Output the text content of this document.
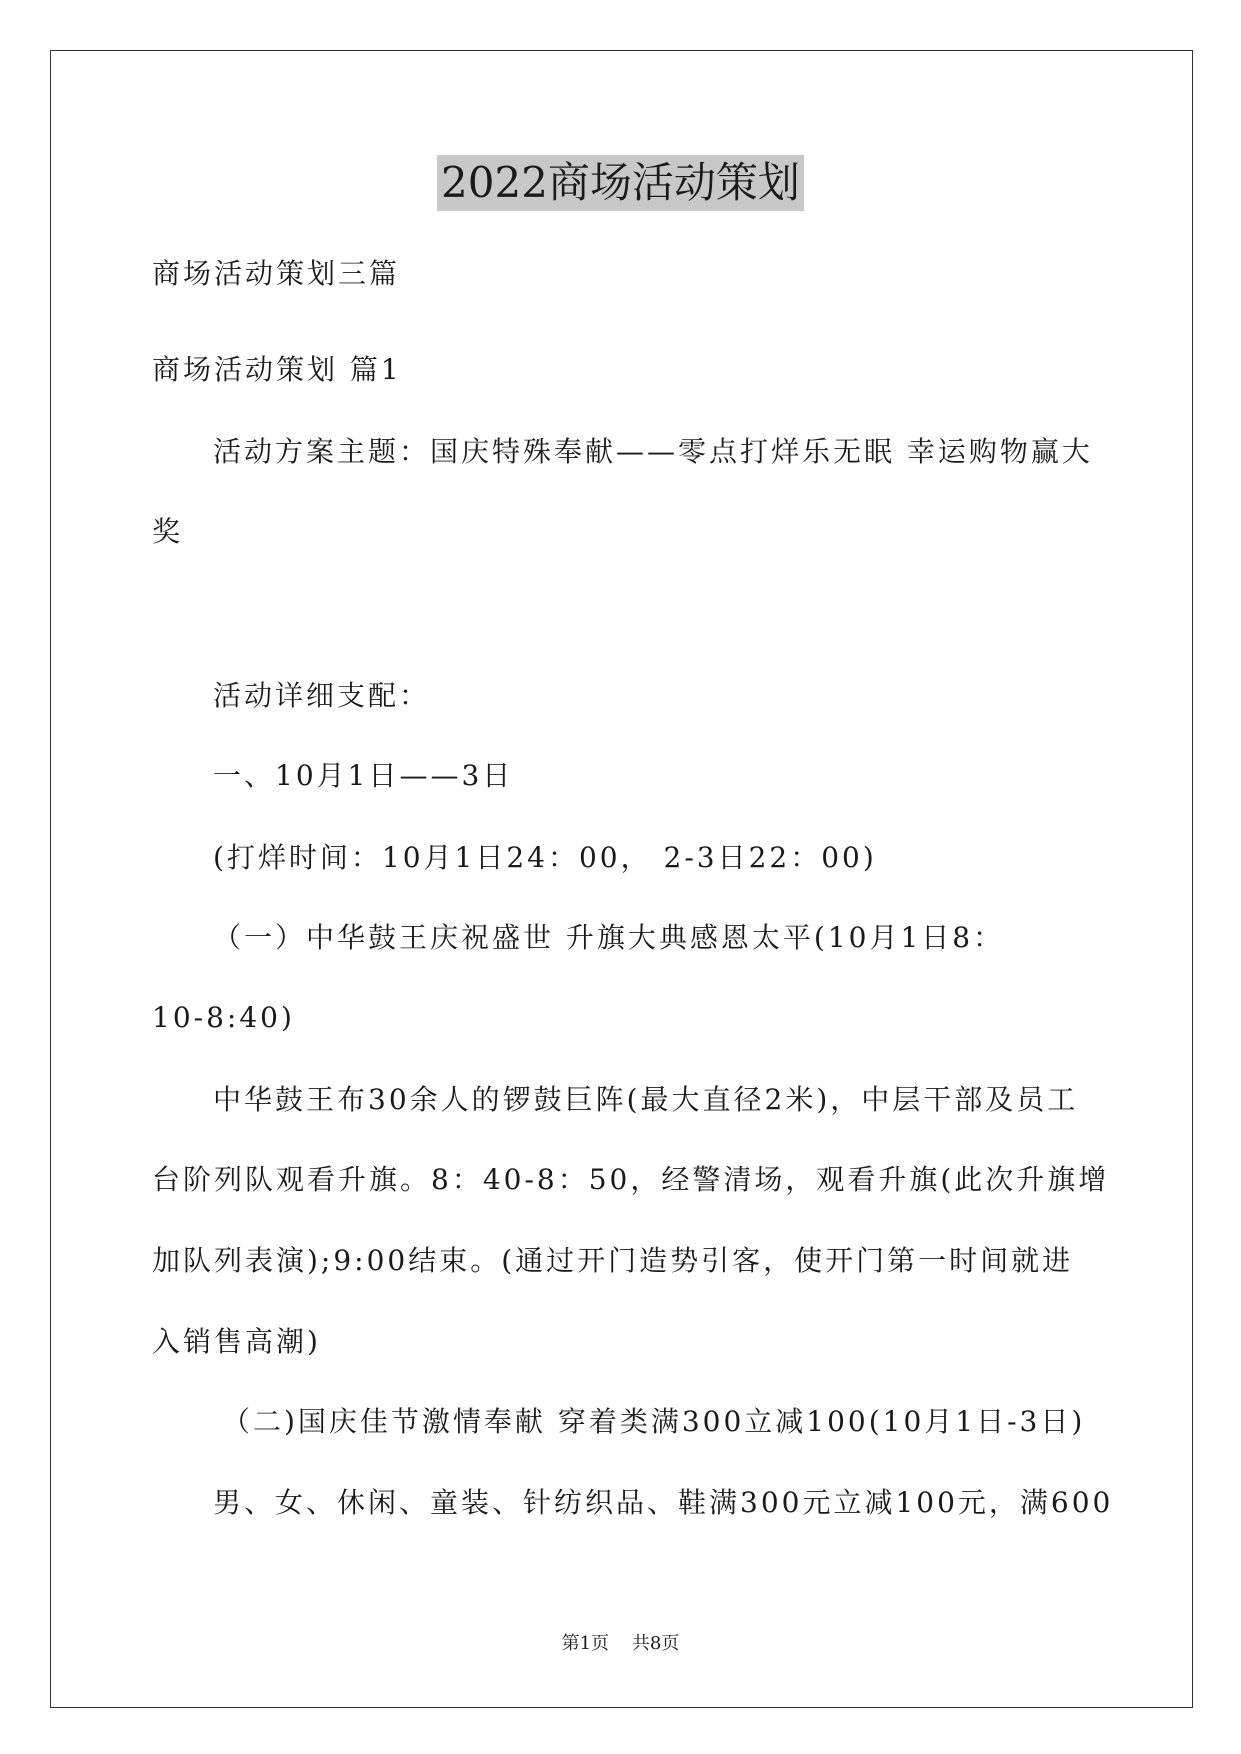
2022商场活动策划
商场活动策划三篇
商场活动策划 篇1
活动方案主题：国庆特殊奉献——零点打烊乐无眠 幸运购物赢大
奖
活动详细支配：
一、10月1日——3日
(打烊时间：10月1日24：00， 2-3日22：00)
（一）中华鼓王庆祝盛世 升旗大典感恩太平(10月1日8：
10-8:40)
中华鼓王布30余人的锣鼓巨阵(最大直径2米)，中层干部及员工
台阶列队观看升旗。8：40-8：50，经警清场，观看升旗(此次升旗增
加队列表演);9:00结束。(通过开门造势引客，使开门第一时间就进
入销售高潮)
（二)国庆佳节激情奉献 穿着类满300立减100(10月1日-3日)
男、女、休闲、童装、针纺织品、鞋满300元立减100元，满600
第1页    共8页
